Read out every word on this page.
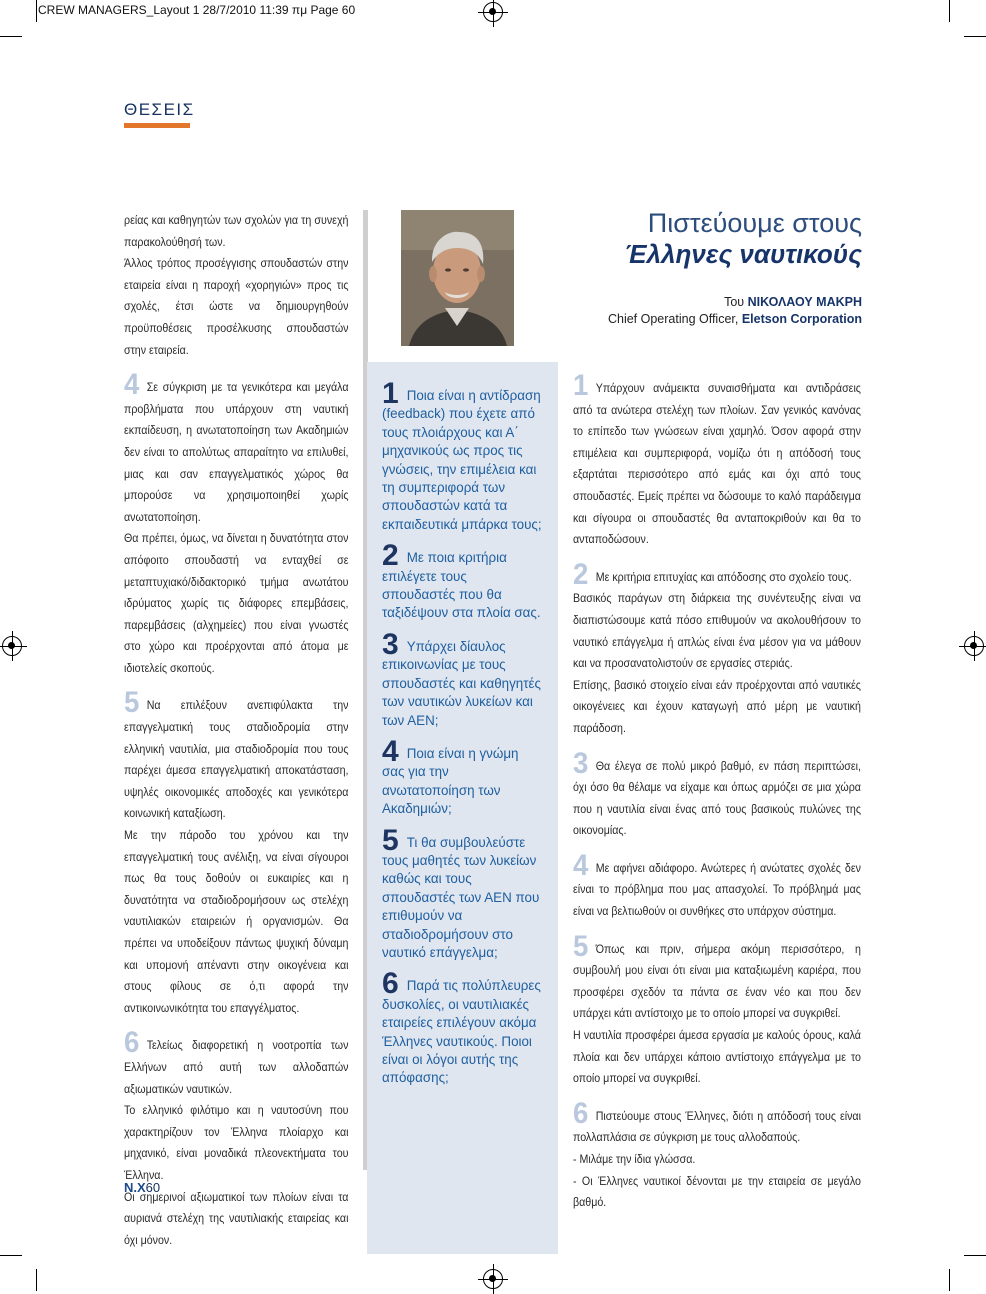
CREW MANAGERS_Layout 1 28/7/2010 11:39 πμ Page 60
ΘΕΣΕΙΣ

ρείας και καθηγητών των σχολών για τη συνεχή παρακολούθησή των.

Άλλος τρόπος προσέγγισης σπουδαστών στην εταιρεία είναι η παροχή «χορηγιών» προς τις σχολές, έτσι ώστε να δημιουργηθούν προϋποθέσεις προσέλκυσης σπουδαστών στην εταιρεία.

4 Σε σύγκριση με τα γενικότερα και μεγάλα προβλήματα που υπάρχουν στη ναυτική εκπαίδευση, η ανωτατοποίηση των Ακαδημιών δεν είναι το απολύτως απαραίτητο να επιλυθεί, μιας και σαν επαγγελματικός χώρος θα μπορούσε να χρησιμοποιηθεί χωρίς ανωτατοποίηση.

Θα πρέπει, όμως, να δίνεται η δυνατότητα στον απόφοιτο σπουδαστή να ενταχθεί σε μεταπτυχιακό/διδακτορικό τμήμα ανωτάτου ιδρύματος χωρίς τις διάφορες επεμβάσεις, παρεμβάσεις (αλχημείες) που είναι γνωστές στο χώρο και προέρχονται από άτομα με ιδιοτελείς σκοπούς.

5 Να επιλέξουν ανεπιφύλακτα την επαγγελματική τους σταδιοδρομία στην ελληνική ναυτιλία, μια σταδιοδρομία που τους παρέχει άμεσα επαγγελματική αποκατάσταση, υψηλές οικονομικές αποδοχές και γενικότερα κοινωνική καταξίωση.

Με την πάροδο του χρόνου και την επαγγελματική τους ανέλιξη, να είναι σίγουροι πως θα τους δοθούν οι ευκαιρίες και η δυνατότητα να σταδιοδρομήσουν ως στελέχη ναυτιλιακών εταιρειών ή οργανισμών. Θα πρέπει να υποδείξουν πάντως ψυχική δύναμη και υπομονή απέναντι στην οικογένεια και στους φίλους σε ό,τι αφορά την αντικοινωνικότητα του επαγγέλματος.

6 Τελείως διαφορετική η νοοτροπία των Ελλήνων από αυτή των αλλοδαπών αξιωματικών ναυτικών.

Το ελληνικό φιλότιμο και η ναυτοσύνη που χαρακτηρίζουν τον Έλληνα πλοίαρχο και μηχανικό, είναι μοναδικά πλεονεκτήματα του Έλληνα.

Οι σημερινοί αξιωματικοί των πλοίων είναι τα αυριανά στελέχη της ναυτιλιακής εταιρείας και όχι μόνον.

1 Ποια είναι η αντίδραση (feedback) που έχετε από τους πλοιάρχους και Α΄ μηχανικούς ως προς τις γνώσεις, την επιμέλεια και τη συμπεριφορά των σπουδαστών κατά τα εκπαιδευτικά μπάρκα τους;

2 Με ποια κριτήρια επιλέγετε τους σπουδαστές που θα ταξιδέψουν στα πλοία σας.

3 Υπάρχει δίαυλος επικοινωνίας με τους σπουδαστές και καθηγητές των ναυτικών λυκείων και των ΑΕΝ;

4 Ποια είναι η γνώμη σας για την ανωτατοποίηση των Ακαδημιών;

5 Τι θα συμβουλεύστε τους μαθητές των λυκείων καθώς και τους σπουδαστές των ΑΕΝ που επιθυμούν να σταδιοδρομήσουν στο ναυτικό επάγγελμα;

6 Παρά τις πολύπλευρες δυσκολίες, οι ναυτιλιακές εταιρείες επιλέγουν ακόμα Έλληνες ναυτικούς. Ποιοι είναι οι λόγοι αυτής της απόφασης;

Πιστεύουμε στους
Έλληνες ναυτικούς
Του ΝΙΚΟΛΑΟΥ ΜΑΚΡΗ
Chief Operating Officer, Eletson Corporation

1 Υπάρχουν ανάμεικτα συναισθήματα και αντιδράσεις από τα ανώτερα στελέχη των πλοίων. Σαν γενικός κανόνας το επίπεδο των γνώσεων είναι χαμηλό. Όσον αφορά στην επιμέλεια και συμπεριφορά, νομίζω ότι η απόδοσή τους εξαρτάται περισσότερο από εμάς και όχι από τους σπουδαστές. Εμείς πρέπει να δώσουμε το καλό παράδειγμα και σίγουρα οι σπουδαστές θα ανταποκριθούν και θα το ανταποδώσουν.

2 Με κριτήρια επιτυχίας και απόδοσης στο σχολείο τους.

Βασικός παράγων στη διάρκεια της συνέντευξης είναι να διαπιστώσουμε κατά πόσο επιθυμούν να ακολουθήσουν το ναυτικό επάγγελμα ή απλώς είναι ένα μέσον για να μάθουν και να προσανατολιστούν σε εργασίες στεριάς.

Επίσης, βασικό στοιχείο είναι εάν προέρχονται από ναυτικές οικογένειες και έχουν καταγωγή από μέρη με ναυτική παράδοση.

3 Θα έλεγα σε πολύ μικρό βαθμό, εν πάση περιπτώσει, όχι όσο θα θέλαμε να είχαμε και όπως αρμόζει σε μια χώρα που η ναυτιλία είναι ένας από τους βασικούς πυλώνες της οικονομίας.

4 Με αφήνει αδιάφορο. Ανώτερες ή ανώτατες σχολές δεν είναι το πρόβλημα που μας απασχολεί. Το πρόβλημά μας είναι να βελτιωθούν οι συνθήκες στο υπάρχον σύστημα.

5 Όπως και πριν, σήμερα ακόμη περισσότερο, η συμβουλή μου είναι ότι είναι μια καταξιωμένη καριέρα, που προσφέρει σχεδόν τα πάντα σε έναν νέο και που δεν υπάρχει κάτι αντίστοιχο με το οποίο μπορεί να συγκριθεί.

Η ναυτιλία προσφέρει άμεσα εργασία με καλούς όρους, καλά πλοία και δεν υπάρχει κάποιο αντίστοιχο επάγγελμα με το οποίο μπορεί να συγκριθεί.

6 Πιστεύουμε στους Έλληνες, διότι η απόδοσή τους είναι πολλαπλάσια σε σύγκριση με τους αλλοδαπούς.

- Μιλάμε την ίδια γλώσσα.

- Οι Έλληνες ναυτικοί δένονται με την εταιρεία σε μεγάλο βαθμό.

N.X60
